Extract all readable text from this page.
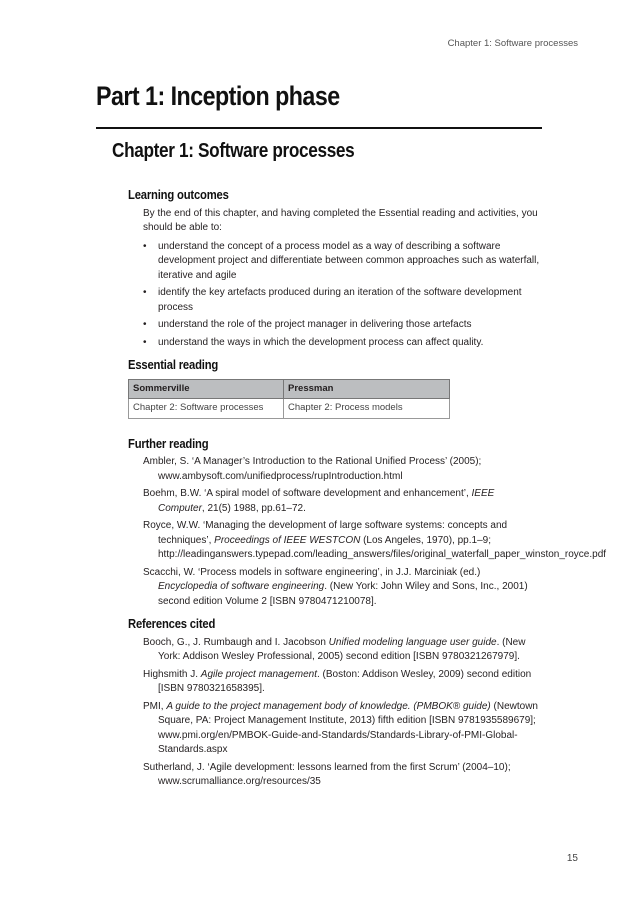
Chapter 1: Software processes
Part 1: Inception phase
Chapter 1: Software processes
Learning outcomes

By the end of this chapter, and having completed the Essential reading and activities, you should be able to:

• understand the concept of a process model as a way of describing a software development project and differentiate between common approaches such as waterfall, iterative and agile
• identify the key artefacts produced during an iteration of the software development process
• understand the role of the project manager in delivering those artefacts
• understand the ways in which the development process can affect quality.
Essential reading
Sommerville	Pressman
Chapter 2: Software processes	Chapter 2: Process models
Further reading
Ambler, S. ‘A Manager’s Introduction to the Rational Unified Process’ (2005); www.ambysoft.com/unifiedprocess/rupIntroduction.html
Boehm, B.W. ‘A spiral model of software development and enhancement’, IEEE Computer, 21(5) 1988, pp.61–72.
Royce, W.W. ‘Managing the development of large software systems: concepts and techniques’, Proceedings of IEEE WESTCON (Los Angeles, 1970), pp.1–9; http://leadinganswers.typepad.com/leading_answers/files/original_waterfall_paper_winston_royce.pdf
Scacchi, W. ‘Process models in software engineering’, in J.J. Marciniak (ed.) Encyclopedia of software engineering. (New York: John Wiley and Sons, Inc., 2001) second edition Volume 2 [ISBN 9780471210078].
References cited
Booch, G., J. Rumbaugh and I. Jacobson Unified modeling language user guide. (New York: Addison Wesley Professional, 2005) second edition [ISBN 9780321267979].
Highsmith J. Agile project management. (Boston: Addison Wesley, 2009) second edition [ISBN 9780321658395].
PMI, A guide to the project management body of knowledge. (PMBOK® guide) (Newtown Square, PA: Project Management Institute, 2013) fifth edition [ISBN 9781935589679]; www.pmi.org/en/PMBOK-Guide-and-Standards/Standards-Library-of-PMI-Global-Standards.aspx
Sutherland, J. ‘Agile development: lessons learned from the first Scrum’ (2004–10); www.scrumalliance.org/resources/35
15
